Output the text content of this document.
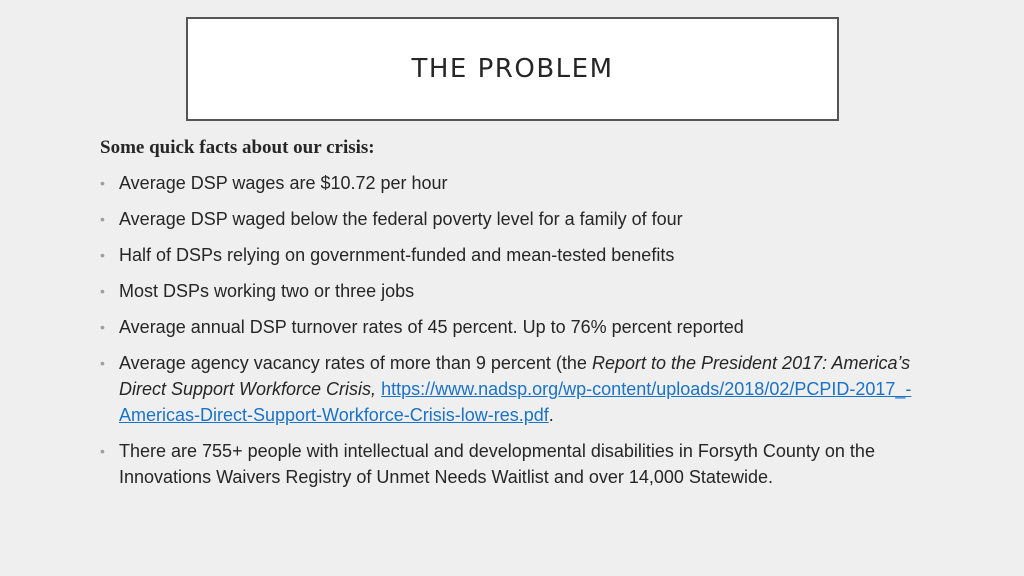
THE PROBLEM

Some quick facts about our crisis:

• Average DSP wages are $10.72 per hour
• Average DSP waged below the federal poverty level for a family of four
• Half of DSPs relying on government-funded and mean-tested benefits
• Most DSPs working two or three jobs
• Average annual DSP turnover rates of 45 percent. Up to 76% percent reported
• Average agency vacancy rates of more than 9 percent (the Report to the President 2017: America’s Direct Support Workforce Crisis, https://www.nadsp.org/wp-content/uploads/2018/02/PCPID-2017_-Americas-Direct-Support-Workforce-Crisis-low-res.pdf.
• There are 755+ people with intellectual and developmental disabilities in Forsyth County on the Innovations Waivers Registry of Unmet Needs Waitlist and over 14,000 Statewide.
